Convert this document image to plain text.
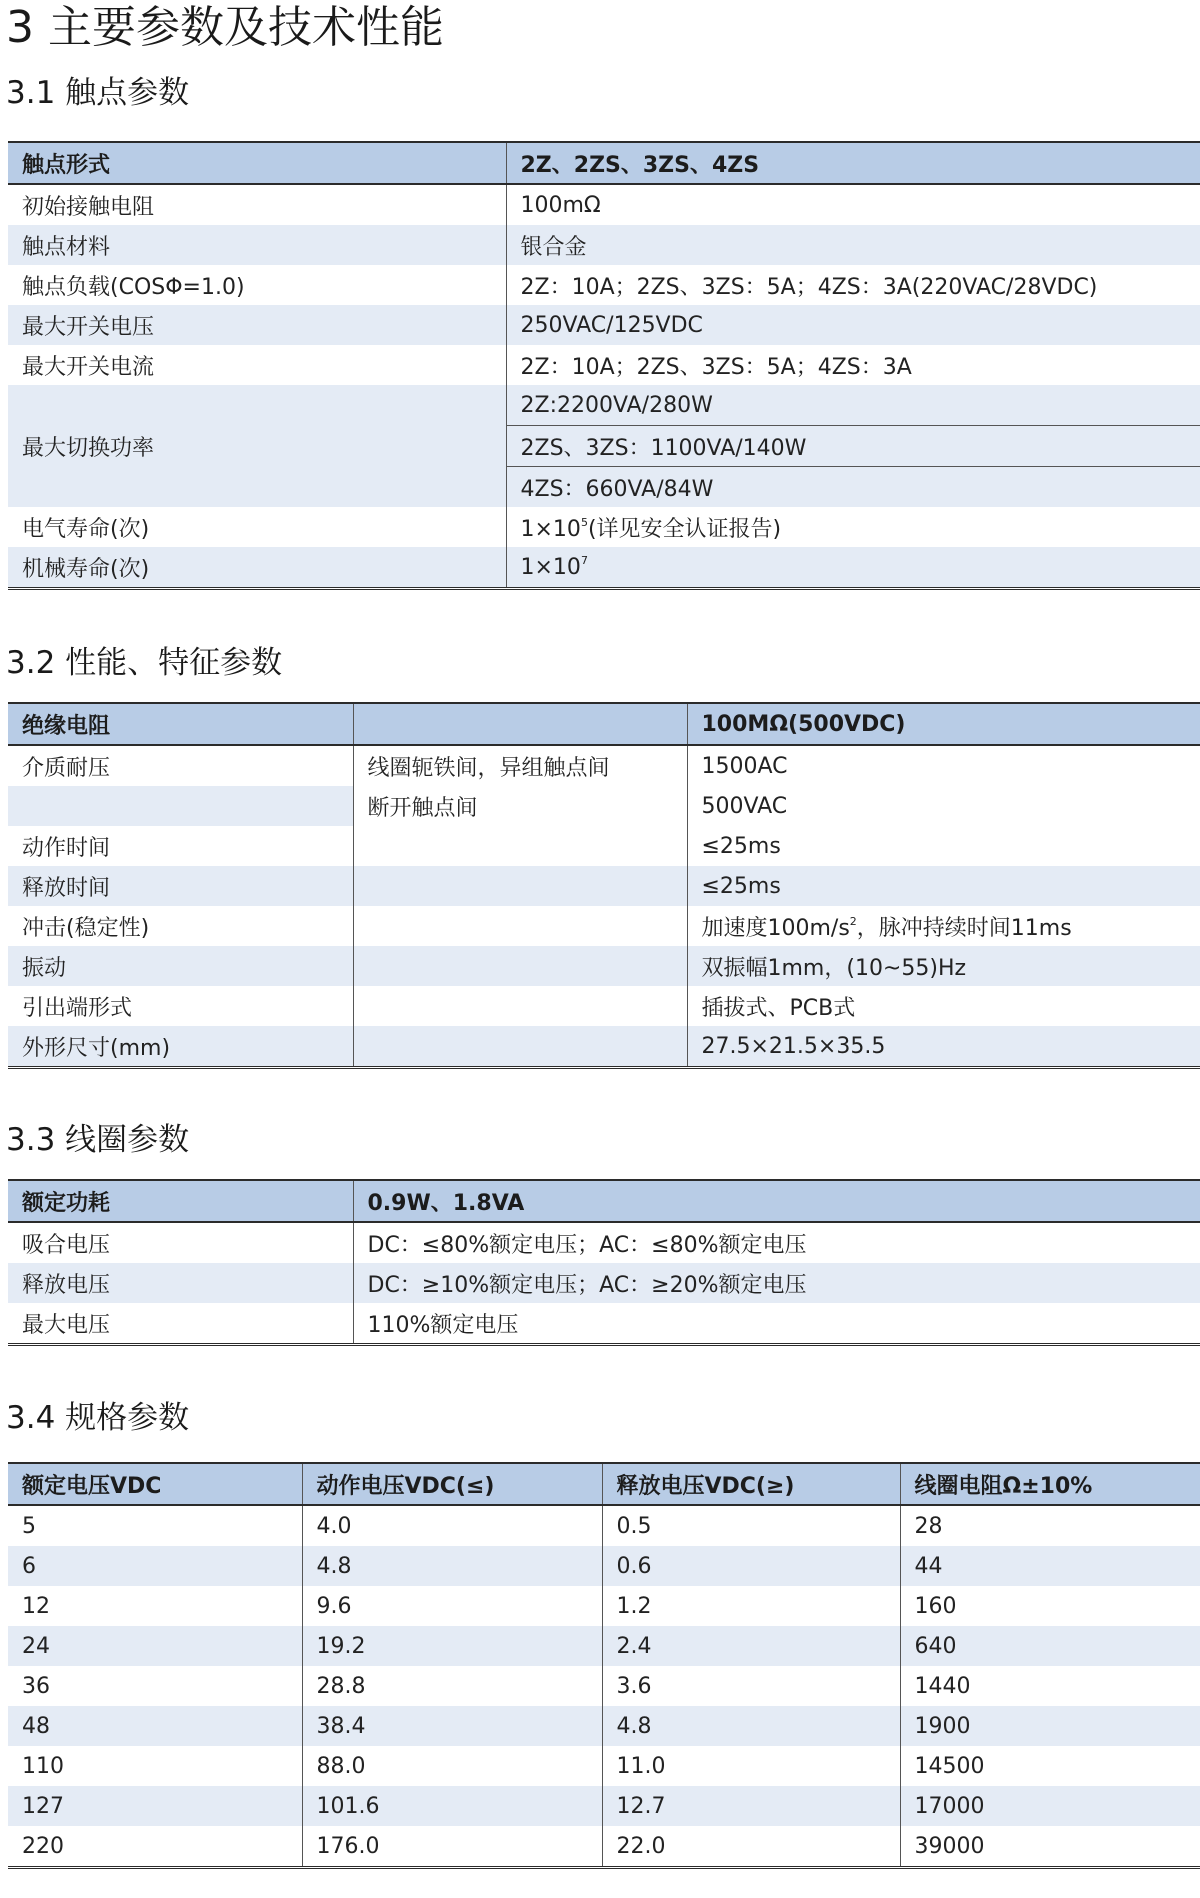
3 主要参数及技术性能
3.1 触点参数
触点形式	2Z、2ZS、3ZS、4ZS
初始接触电阻	100mΩ
触点材料	银合金
触点负载(COSΦ=1.0)	2Z：10A；2ZS、3ZS：5A；4ZS：3A(220VAC/28VDC)
最大开关电压	250VAC/125VDC
最大开关电流	2Z：10A；2ZS、3ZS：5A；4ZS：3A
最大切换功率	2Z:2200VA/280W
	2ZS、3ZS：1100VA/140W
	4ZS：660VA/84W
电气寿命(次)	$1\times 10^5$(详见安全认证报告)
机械寿命(次)	$1\times 10^7$
3.2 性能、特征参数
绝缘电阻		100MΩ(500VDC)
介质耐压	线圈轭铁间，异组触点间	1500AC
	断开触点间	500VAC
动作时间		≤25ms
释放时间		≤25ms
冲击(稳定性)		加速度$100m/s^2$，脉冲持续时间11ms
振动		双振幅1mm，(10~55)Hz
引出端形式		插拔式、PCB式
外形尺寸(mm)		27.5×21.5×35.5
3.3 线圈参数
额定功耗	0.9W、1.8VA
吸合电压	DC：≤80%额定电压；AC：≤80%额定电压
释放电压	DC：≥10%额定电压；AC：≥20%额定电压
最大电压	110%额定电压
3.4 规格参数
额定电压VDC	动作电压VDC(≤)	释放电压VDC(≥)	线圈电阻Ω±10%
5	4.0	0.5	28
6	4.8	0.6	44
12	9.6	1.2	160
24	19.2	2.4	640
36	28.8	3.6	1440
48	38.4	4.8	1900
110	88.0	11.0	14500
127	101.6	12.7	17000
220	176.0	22.0	39000
